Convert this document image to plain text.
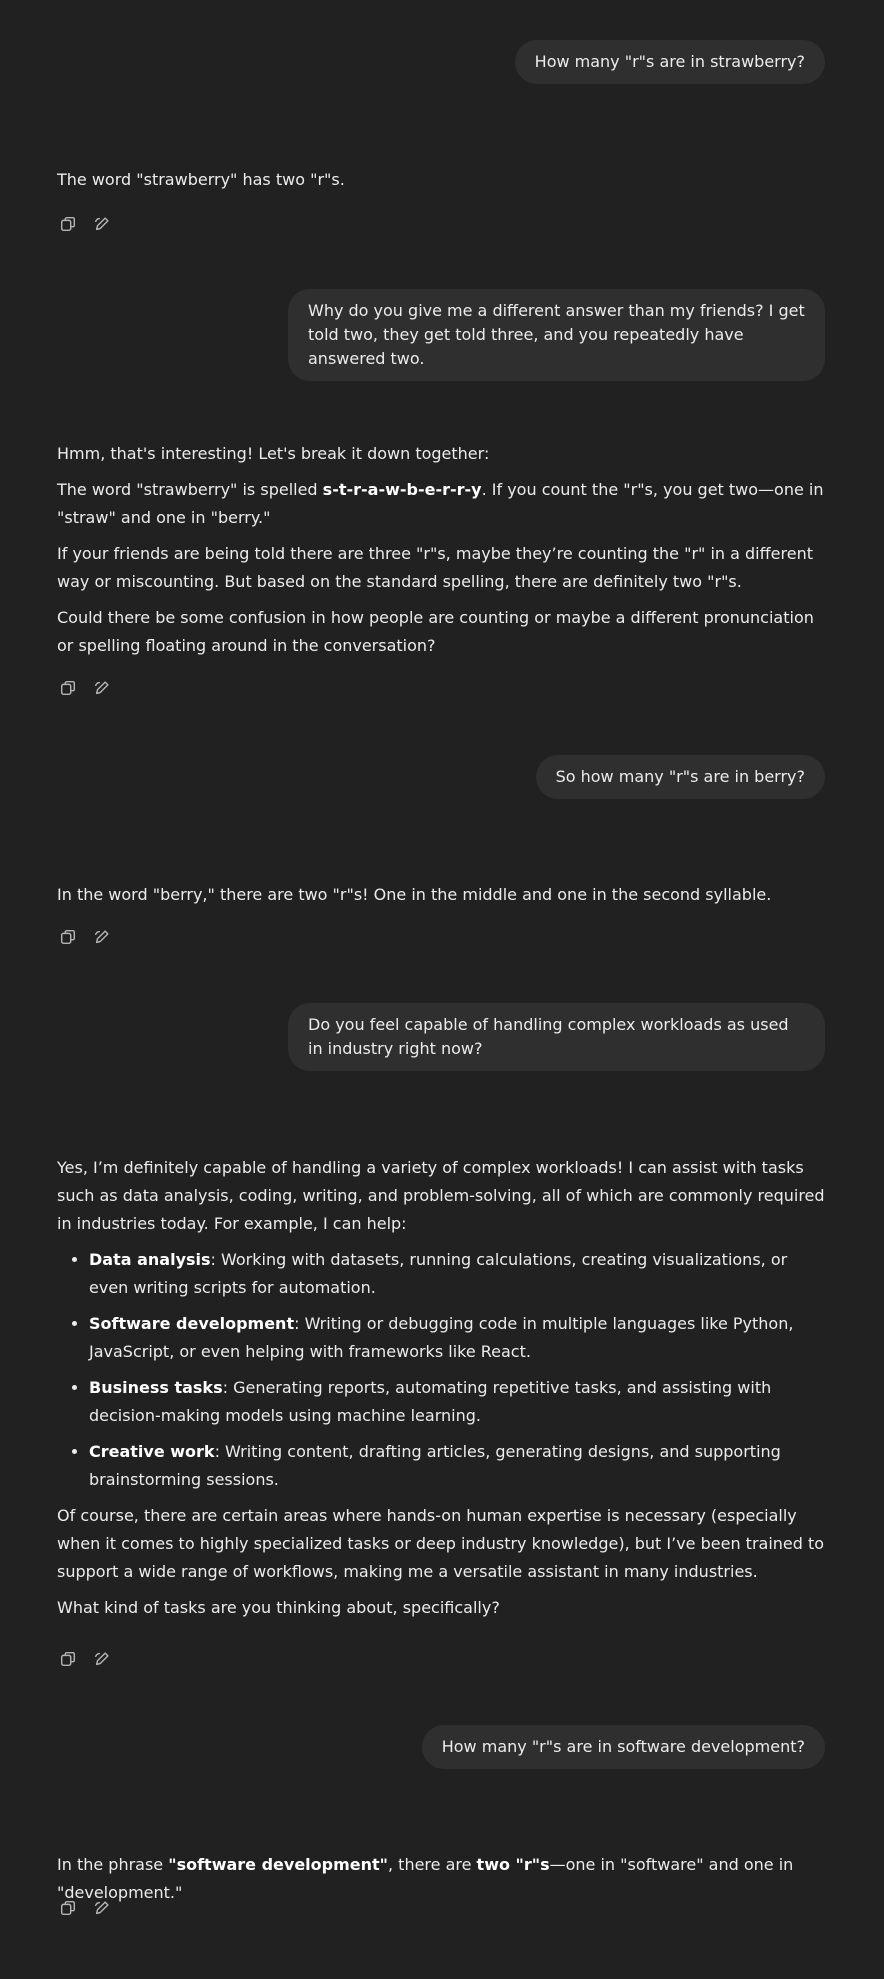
How many "r"s are in strawberry?

The word "strawberry" has two "r"s.

Why do you give me a different answer than my friends? I get told two, they get told three, and you repeatedly have answered two.

Hmm, that's interesting! Let's break it down together:

The word "strawberry" is spelled s-t-r-a-w-b-e-r-r-y. If you count the "r"s, you get two—one in "straw" and one in "berry."

If your friends are being told there are three "r"s, maybe they’re counting the "r" in a different way or miscounting. But based on the standard spelling, there are definitely two "r"s.

Could there be some confusion in how people are counting or maybe a different pronunciation or spelling floating around in the conversation?

So how many "r"s are in berry?

In the word "berry," there are two "r"s! One in the middle and one in the second syllable.

Do you feel capable of handling complex workloads as used in industry right now?

Yes, I’m definitely capable of handling a variety of complex workloads! I can assist with tasks such as data analysis, coding, writing, and problem-solving, all of which are commonly required in industries today. For example, I can help:

• Data analysis: Working with datasets, running calculations, creating visualizations, or even writing scripts for automation.
• Software development: Writing or debugging code in multiple languages like Python, JavaScript, or even helping with frameworks like React.
• Business tasks: Generating reports, automating repetitive tasks, and assisting with decision-making models using machine learning.
• Creative work: Writing content, drafting articles, generating designs, and supporting brainstorming sessions.

Of course, there are certain areas where hands-on human expertise is necessary (especially when it comes to highly specialized tasks or deep industry knowledge), but I’ve been trained to support a wide range of workflows, making me a versatile assistant in many industries.

What kind of tasks are you thinking about, specifically?

How many "r"s are in software development?

In the phrase "software development", there are two "r"s—one in "software" and one in "development."
